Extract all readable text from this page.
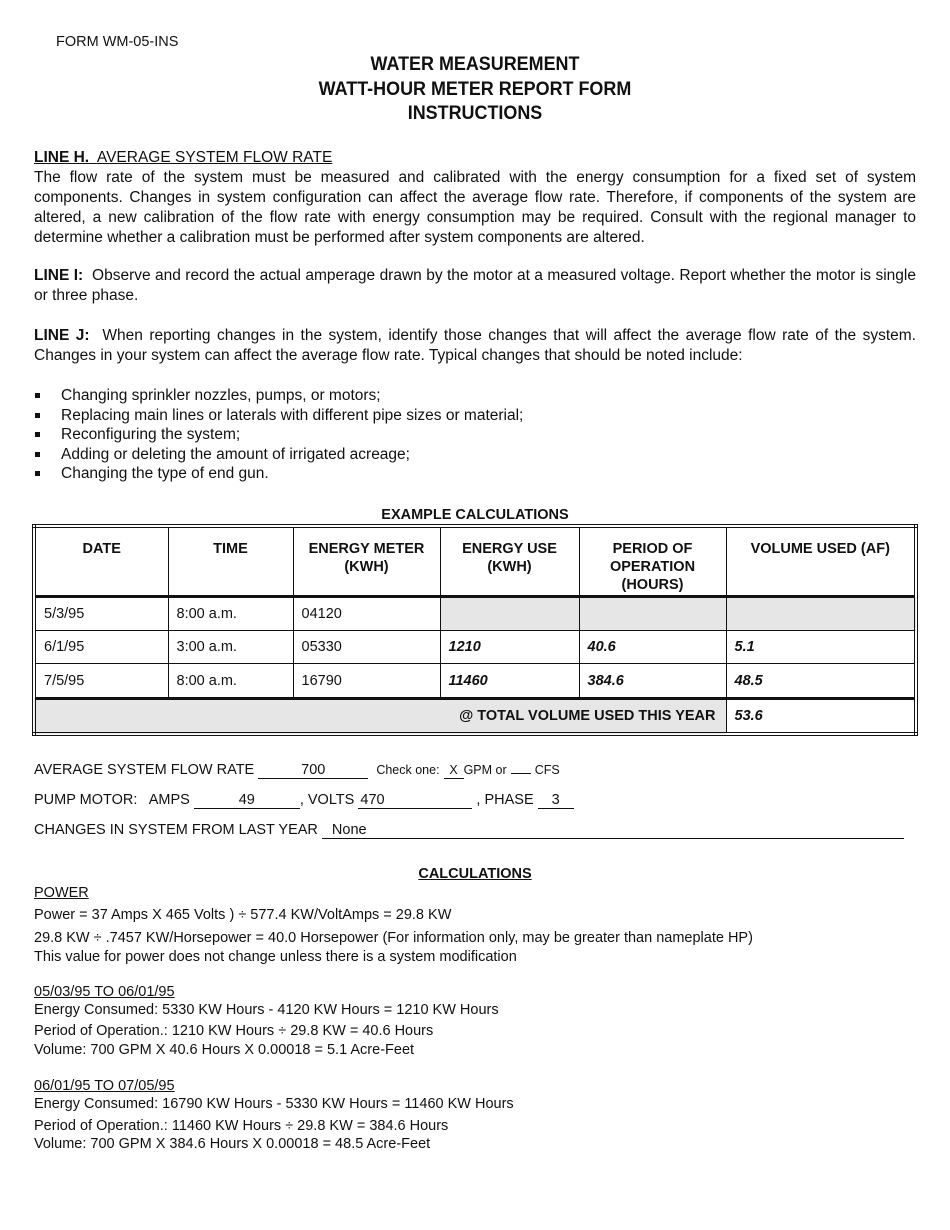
FORM WM-05-INS
WATER MEASUREMENT
WATT-HOUR METER REPORT FORM
INSTRUCTIONS
LINE H. AVERAGE SYSTEM FLOW RATE
The flow rate of the system must be measured and calibrated with the energy consumption for a fixed set of system components. Changes in system configuration can affect the average flow rate. Therefore, if components of the system are altered, a new calibration of the flow rate with energy consumption may be required. Consult with the regional manager to determine whether a calibration must be performed after system components are altered.
LINE I: Observe and record the actual amperage drawn by the motor at a measured voltage. Report whether the motor is single or three phase.
LINE J: When reporting changes in the system, identify those changes that will affect the average flow rate of the system. Changes in your system can affect the average flow rate. Typical changes that should be noted include:
Changing sprinkler nozzles, pumps, or motors;
Replacing main lines or laterals with different pipe sizes or material;
Reconfiguring the system;
Adding or deleting the amount of irrigated acreage;
Changing the type of end gun.
EXAMPLE CALCULATIONS
DATE	TIME	ENERGY METER (KWH)	ENERGY USE (KWH)	PERIOD OF OPERATION (HOURS)	VOLUME USED (AF)
5/3/95	8:00 a.m.	04120			
6/1/95	3:00 a.m.	05330	1210	40.6	5.1
7/5/95	8:00 a.m.	16790	11460	384.6	48.5
@ TOTAL VOLUME USED THIS YEAR					53.6
AVERAGE SYSTEM FLOW RATE	700	Check one: X GPM or CFS
PUMP MOTOR: AMPS	49	, VOLTS 470	, PHASE 3
CHANGES IN SYSTEM FROM LAST YEAR None
CALCULATIONS
POWER
Power = 37 Amps X 465 Volts ) ÷ 577.4 KW/VoltAmps = 29.8 KW
29.8 KW ÷ .7457 KW/Horsepower = 40.0 Horsepower (For information only, may be greater than nameplate HP)
This value for power does not change unless there is a system modification
05/03/95 TO 06/01/95
Energy Consumed: 5330 KW Hours - 4120 KW Hours = 1210 KW Hours
Period of Operation.: 1210 KW Hours ÷ 29.8 KW = 40.6 Hours
Volume: 700 GPM X 40.6 Hours X 0.00018 = 5.1 Acre-Feet
06/01/95 TO 07/05/95
Energy Consumed: 16790 KW Hours - 5330 KW Hours = 11460 KW Hours
Period of Operation.: 11460 KW Hours ÷ 29.8 KW = 384.6 Hours
Volume: 700 GPM X 384.6 Hours X 0.00018 = 48.5 Acre-Feet
